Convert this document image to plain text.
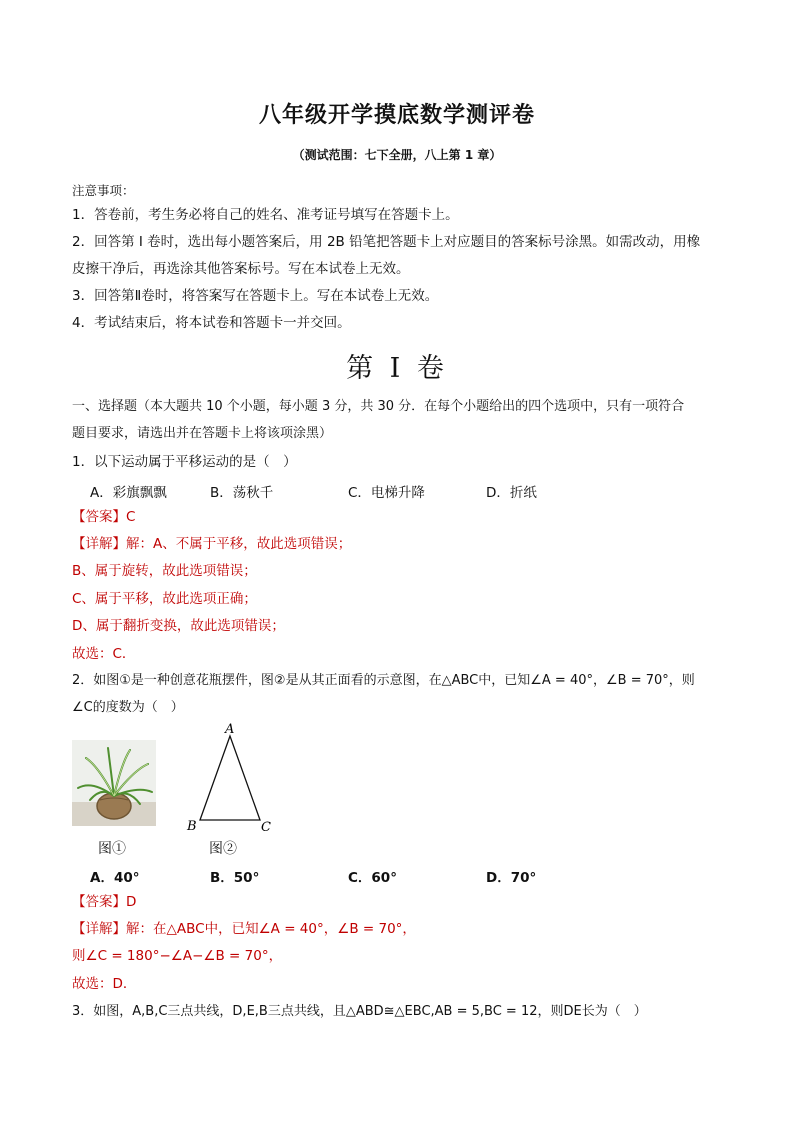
八年级开学摸底数学测评卷
（测试范围：七下全册，八上第 1 章）
注意事项：
1．答卷前，考生务必将自己的姓名、准考证号填写在答题卡上。
2．回答第 I 卷时，选出每小题答案后，用 2B 铅笔把答题卡上对应题目的答案标号涂黑。如需改动，用橡
皮擦干净后，再选涂其他答案标号。写在本试卷上无效。
3．回答第Ⅱ卷时，将答案写在答题卡上。写在本试卷上无效。
4．考试结束后，将本试卷和答题卡一并交回。
第 I 卷
一、选择题（本大题共 10 个小题，每小题 3 分，共 30 分．在每个小题给出的四个选项中，只有一项符合
题目要求，请选出并在答题卡上将该项涂黑）
1．以下运动属于平移运动的是（　）
A．彩旗飘飘	B．荡秋千	C．电梯升降	D．折纸
【答案】C
【详解】解：A、不属于平移，故此选项错误；
B、属于旋转，故此选项错误；
C、属于平移，故此选项正确；
D、属于翻折变换，故此选项错误；
故选：C．
2．如图①是一种创意花瓶摆件，图②是从其正面看的示意图，在△ABC中，已知∠A = 40°，∠B = 70°，则
∠C的度数为（　）
A
B	C
图①	图②
A．40°	B．50°	C．60°	D．70°
【答案】D
【详解】解：在△ABC中，已知∠A = 40°，∠B = 70°，
则∠C = 180°−∠A−∠B = 70°，
故选：D．
3．如图，A,B,C三点共线，D,E,B三点共线，且△ABD≅△EBC,AB = 5,BC = 12，则DE长为（　）
